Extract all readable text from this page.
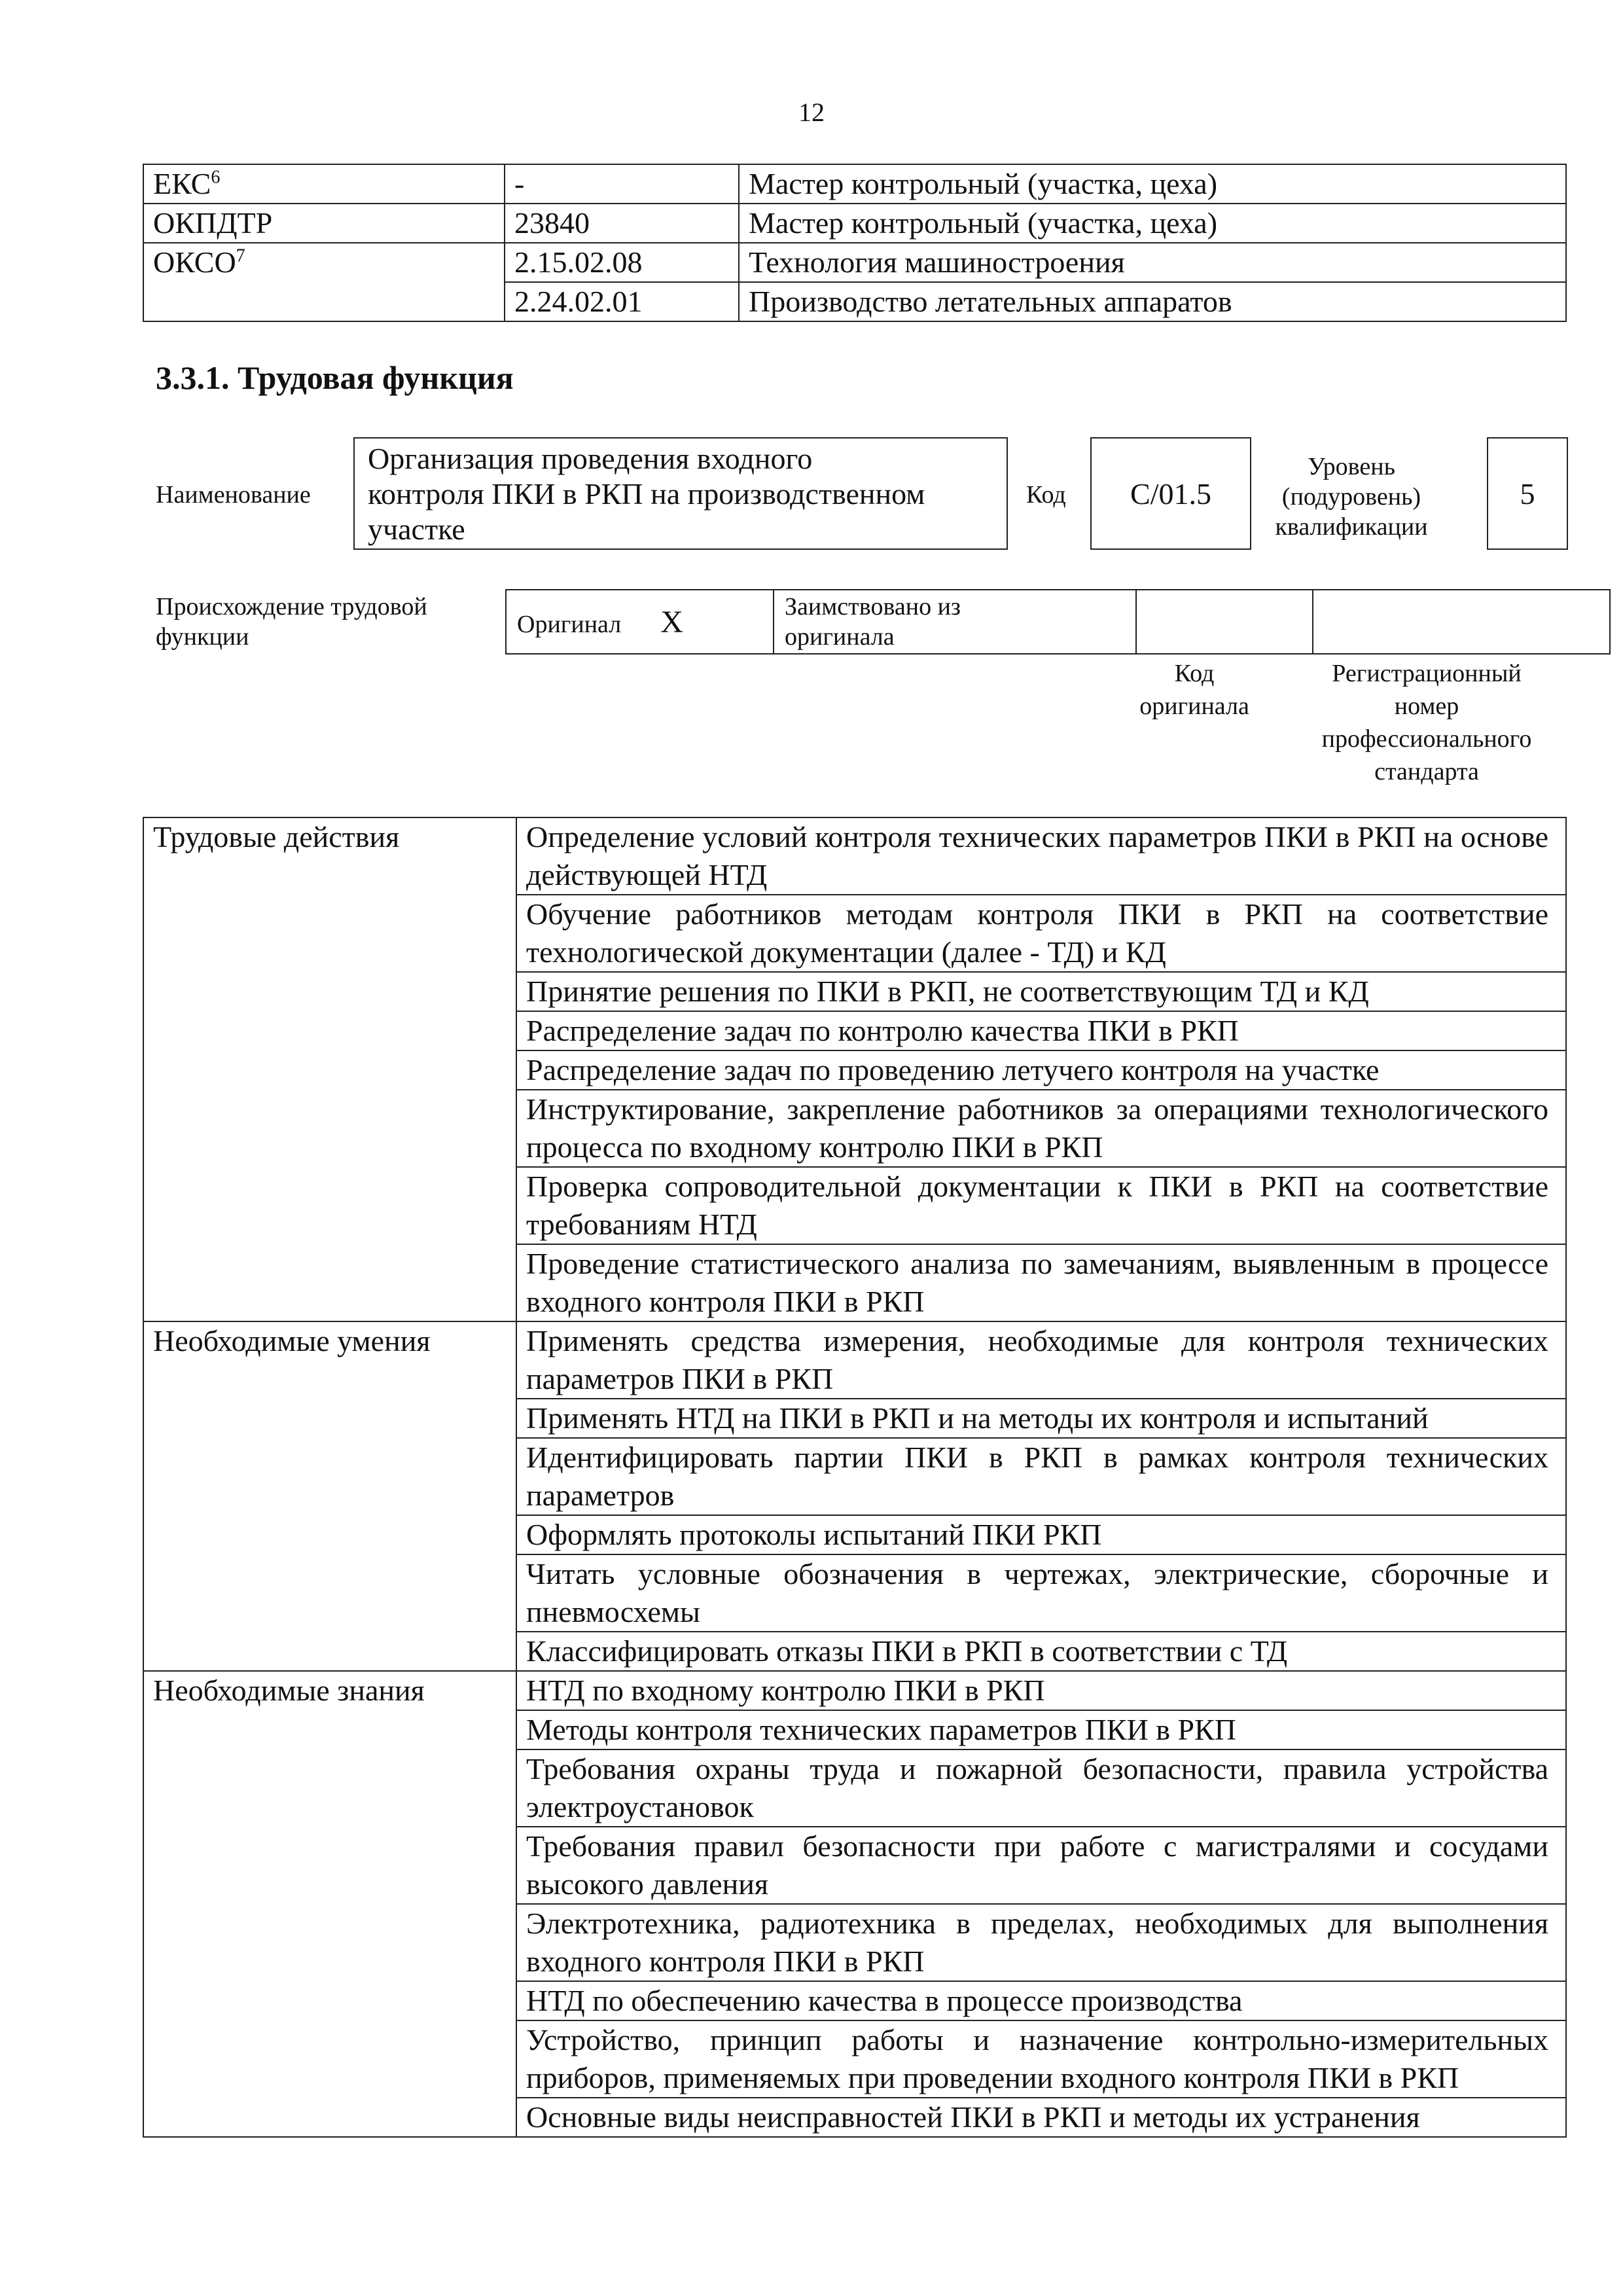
12
ЕКС$^6$	-	Мастер контрольный (участка, цеха)
ОКПДТР	23840	Мастер контрольный (участка, цеха)
ОКСО$^7$	2.15.02.08	Технология машиностроения
	2.24.02.01	Производство летательных аппаратов
3.3.1. Трудовая функция
Наименование
Организация проведения входного
контроля ПКИ в РКП на производственном
участке
Код С/01.5
Уровень
(подуровень)
квалификации
5
Происхождение трудовой
функции	Оригинал X	Заимствовано из
оригинала

Код
оригинала
Регистрационный
номер
профессионального
стандарта
Трудовые действия	Определение условий контроля технических параметров ПКИ в РКП на основе действующей НТД
	Обучение работников методам контроля ПКИ в РКП на соответствие технологической документации (далее - ТД) и КД
	Принятие решения по ПКИ в РКП, не соответствующим ТД и КД
	Распределение задач по контролю качества ПКИ в РКП
	Распределение задач по проведению летучего контроля на участке
	Инструктирование, закрепление работников за операциями технологического процесса по входному контролю ПКИ в РКП
	Проверка сопроводительной документации к ПКИ в РКП на соответствие требованиям НТД
	Проведение статистического анализа по замечаниям, выявленным в процессе входного контроля ПКИ в РКП
Необходимые умения	Применять средства измерения, необходимые для контроля технических параметров ПКИ в РКП
	Применять НТД на ПКИ в РКП и на методы их контроля и испытаний
	Идентифицировать партии ПКИ в РКП в рамках контроля технических параметров
	Оформлять протоколы испытаний ПКИ РКП
	Читать условные обозначения в чертежах, электрические, сборочные и пневмосхемы
	Классифицировать отказы ПКИ в РКП в соответствии с ТД
Необходимые знания	НТД по входному контролю ПКИ в РКП
	Методы контроля технических параметров ПКИ в РКП
	Требования охраны труда и пожарной безопасности, правила устройства электроустановок
	Требования правил безопасности при работе с магистралями и сосудами высокого давления
	Электротехника, радиотехника в пределах, необходимых для выполнения входного контроля ПКИ в РКП
	НТД по обеспечению качества в процессе производства
	Устройство, принцип работы и назначение контрольно-измерительных приборов, применяемых при проведении входного контроля ПКИ в РКП
	Основные виды неисправностей ПКИ в РКП и методы их устранения
